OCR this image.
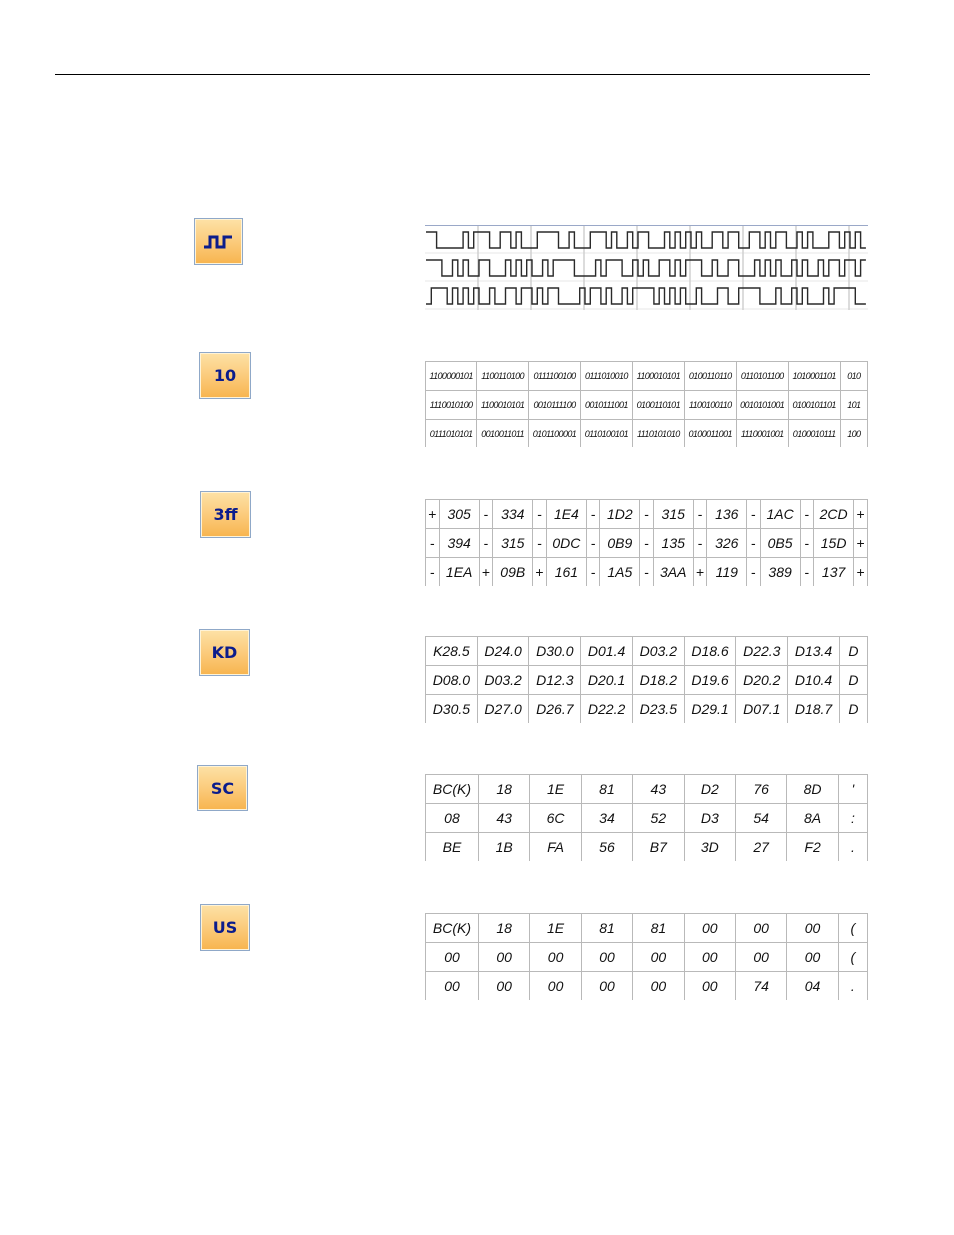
10
3ff
KD
SC
US
1100000101	1100110100	0111100100	0111010010	1100010101	0100110110	0110101100	1010001101	010
1110010100	1100010101	0010111100	0010111001	0100110101	1100100110	0010101001	0100101101	101
0111010101	0010011011	0101100001	0110100101	1110101010	0100011001	1110001001	0100010111	100
+	305	-	334	-	1E4	-	1D2	-	315	-	136	-	1AC	-	2CD	+
-	394	-	315	-	0DC	-	0B9	-	135	-	326	-	0B5	-	15D	+
-	1EA	+	09B	+	161	-	1A5	-	3AA	+	119	-	389	-	137	+
K28.5	D24.0	D30.0	D01.4	D03.2	D18.6	D22.3	D13.4	D
D08.0	D03.2	D12.3	D20.1	D18.2	D19.6	D20.2	D10.4	D
D30.5	D27.0	D26.7	D22.2	D23.5	D29.1	D07.1	D18.7	D
BC(K)	18	1E	81	43	D2	76	8D	'
08	43	6C	34	52	D3	54	8A	:
BE	1B	FA	56	B7	3D	27	F2	.
BC(K)	18	1E	81	81	00	00	00	(
00	00	00	00	00	00	00	00	(
00	00	00	00	00	00	74	04	.
